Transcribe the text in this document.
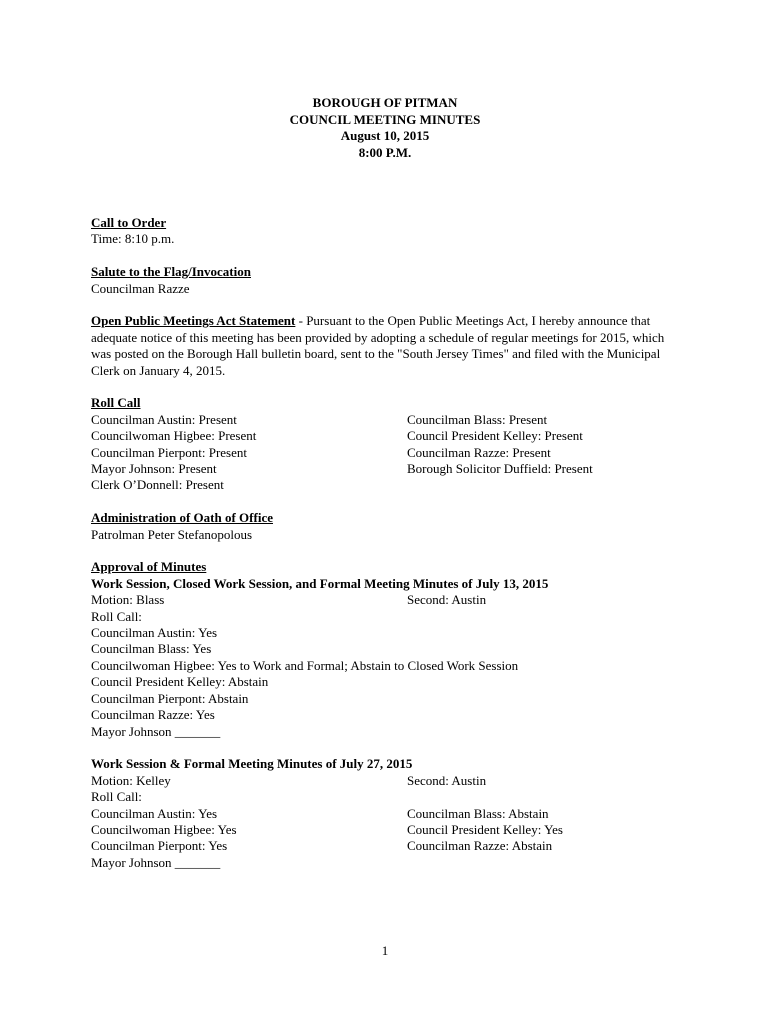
BOROUGH OF PITMAN
COUNCIL MEETING MINUTES
August 10, 2015
8:00 P.M.
Call to Order
Time: 8:10 p.m.
Salute to the Flag/Invocation
Councilman Razze
Open Public Meetings Act Statement - Pursuant to the Open Public Meetings Act, I hereby announce that adequate notice of this meeting has been provided by adopting a schedule of regular meetings for 2015, which was posted on the Borough Hall bulletin board, sent to the "South Jersey Times" and filed with the Municipal Clerk on January 4, 2015.
Roll Call
Councilman Austin: Present
Councilwoman Higbee: Present
Councilman Pierpont: Present
Mayor Johnson: Present
Clerk O’Donnell: Present
Councilman Blass: Present
Council President Kelley: Present
Councilman Razze: Present
Borough Solicitor Duffield: Present
Administration of Oath of Office
Patrolman Peter Stefanopolous
Approval of Minutes
Work Session, Closed Work Session, and Formal Meeting Minutes of July 13, 2015
Motion: Blass	Second: Austin
Roll Call:
Councilman Austin: Yes
Councilman Blass: Yes
Councilwoman Higbee: Yes to Work and Formal; Abstain to Closed Work Session
Council President Kelley: Abstain
Councilman Pierpont: Abstain
Councilman Razze: Yes
Mayor Johnson _______
Work Session & Formal Meeting Minutes of July 27, 2015
Motion: Kelley	Second: Austin
Roll Call:
Councilman Austin: Yes
Councilwoman Higbee: Yes
Councilman Pierpont: Yes
Mayor Johnson _______
Councilman Blass: Abstain
Council President Kelley: Yes
Councilman Razze: Abstain
1
